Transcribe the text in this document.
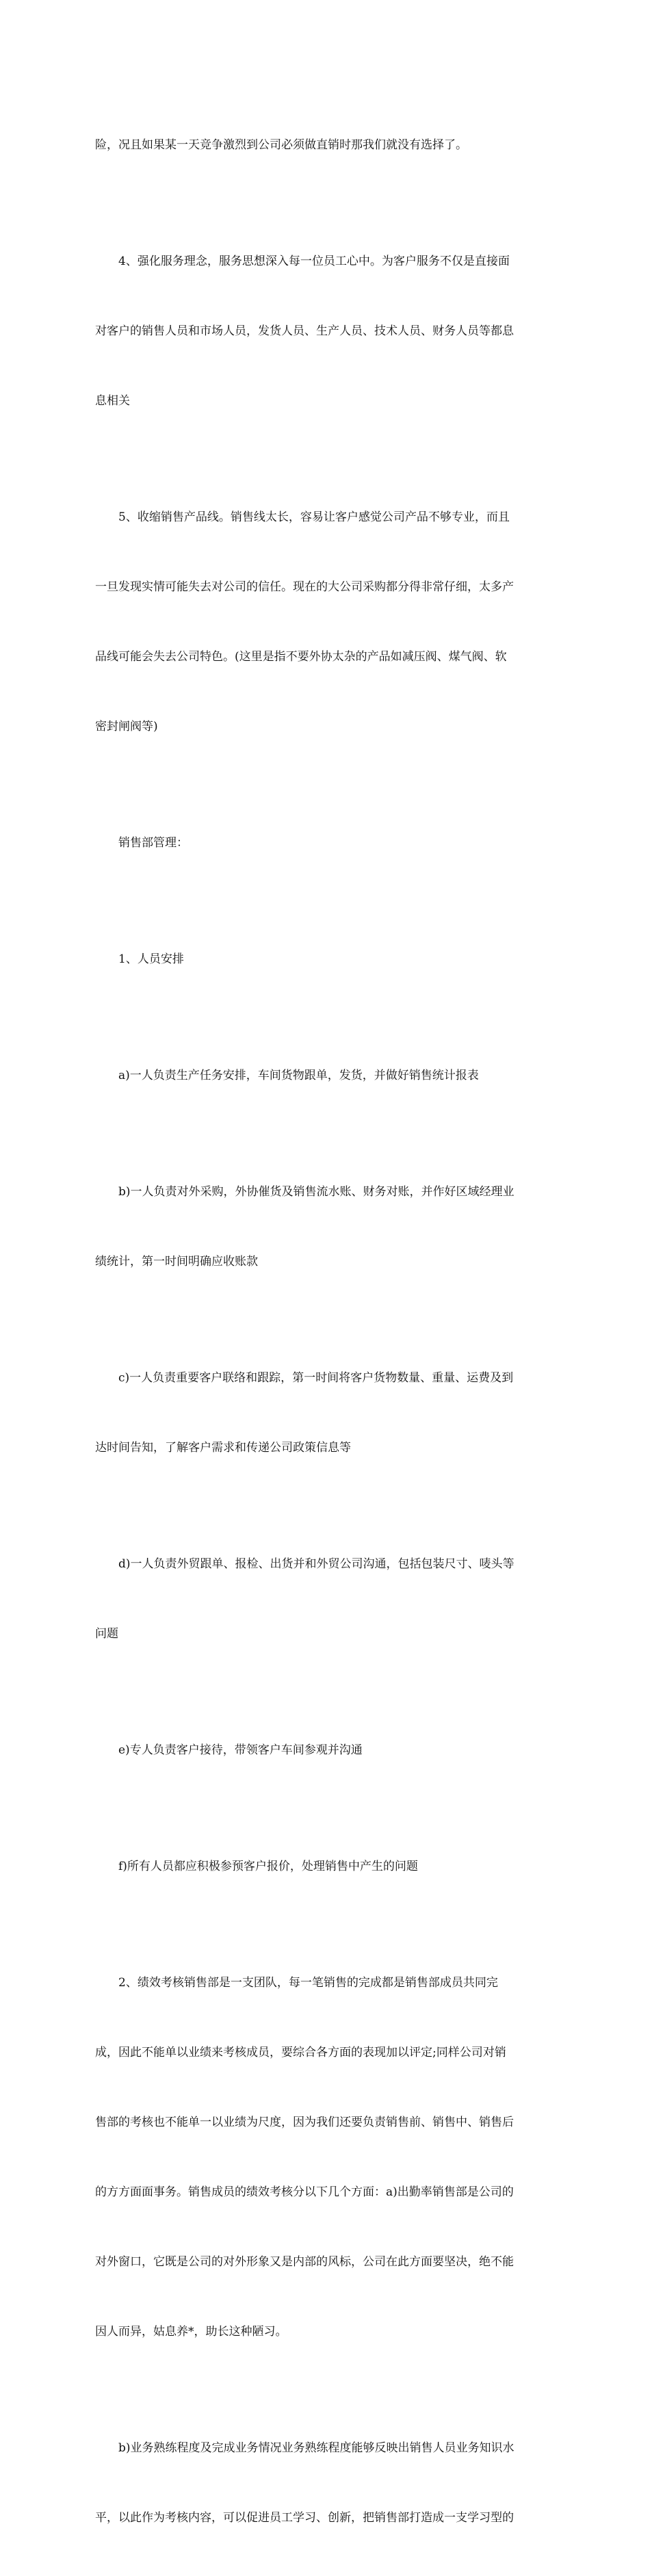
险，况且如果某一天竞争激烈到公司必须做直销时那我们就没有选择了。

4、强化服务理念，服务思想深入每一位员工心中。为客户服务不仅是直接面

对客户的销售人员和市场人员，发货人员、生产人员、技术人员、财务人员等都息

息相关

5、收缩销售产品线。销售线太长，容易让客户感觉公司产品不够专业，而且

一旦发现实情可能失去对公司的信任。现在的大公司采购都分得非常仔细，太多产

品线可能会失去公司特色。(这里是指不要外协太杂的产品如减压阀、煤气阀、软

密封闸阀等)

销售部管理：

1、人员安排

a)一人负责生产任务安排，车间货物跟单，发货，并做好销售统计报表

b)一人负责对外采购，外协催货及销售流水账、财务对账，并作好区域经理业

绩统计，第一时间明确应收账款

c)一人负责重要客户联络和跟踪，第一时间将客户货物数量、重量、运费及到

达时间告知，了解客户需求和传递公司政策信息等

d)一人负责外贸跟单、报检、出货并和外贸公司沟通，包括包装尺寸、唛头等

问题

e)专人负责客户接待，带领客户车间参观并沟通

f)所有人员都应积极参预客户报价，处理销售中产生的问题

2、绩效考核销售部是一支团队，每一笔销售的完成都是销售部成员共同完

成，因此不能单以业绩来考核成员，要综合各方面的表现加以评定;同样公司对销

售部的考核也不能单一以业绩为尺度，因为我们还要负责销售前、销售中、销售后

的方方面面事务。销售成员的绩效考核分以下几个方面：a)出勤率销售部是公司的

对外窗口，它既是公司的对外形象又是内部的风标，公司在此方面要坚决，绝不能

因人而异，姑息养*，助长这种陋习。

b)业务熟练程度及完成业务情况业务熟练程度能够反映出销售人员业务知识水

平，以此作为考核内容，可以促进员工学习、创新，把销售部打造成一支学习型的
